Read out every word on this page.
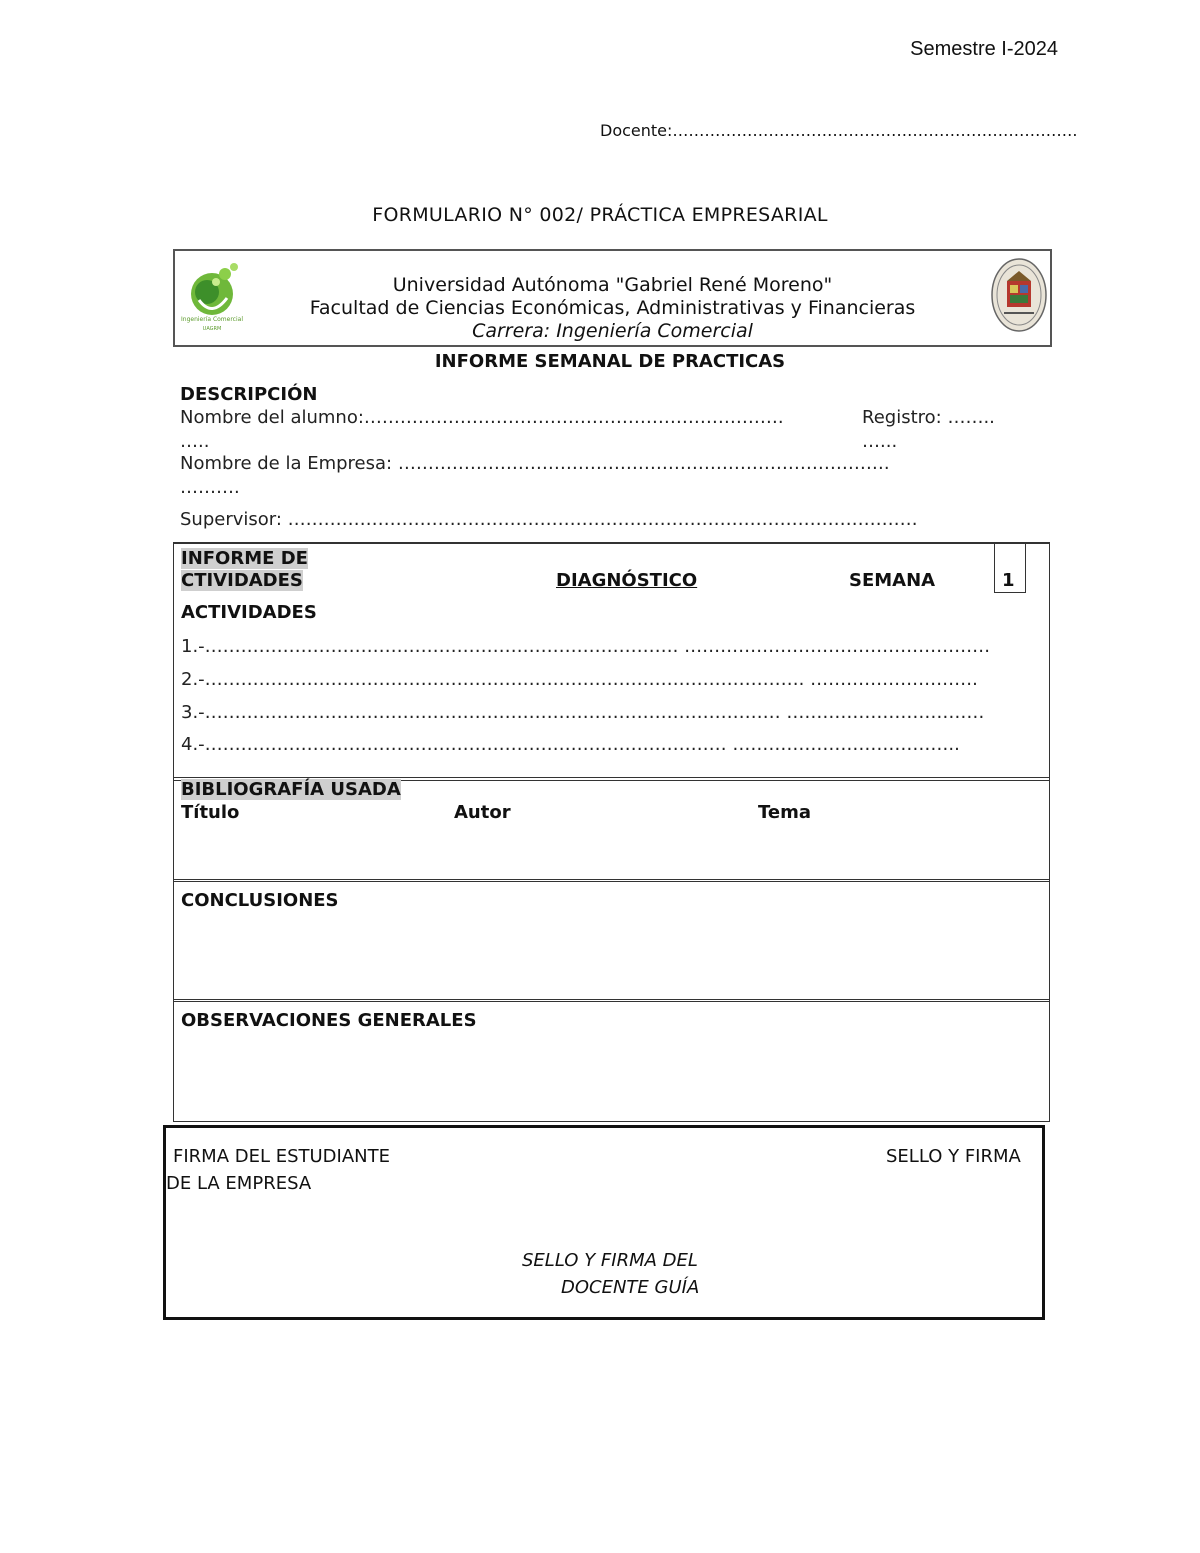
Semestre I-2024
Docente:………………………………………………………………….
FORMULARIO N° 002/ PRÁCTICA EMPRESARIAL
Ingeniería Comercial
UAGRM
Universidad Autónoma "Gabriel René Moreno"
Facultad de Ciencias Económicas, Administrativas y Financieras
Carrera: Ingeniería Comercial
INFORME SEMANAL DE PRACTICAS
DESCRIPCIÓN
Nombre del alumno:…………………………………………………………….
…..
Registro: ……..
…...
Nombre de la Empresa: ……………………………………………………………………….
……….
Supervisor: ……………………………………………………………………………………………
INFORME DE
CTIVIDADES	DIAGNÓSTICO	SEMANA	1
ACTIVIDADES
1.-……………………………………………………………………. ……………………………………………
2.-………………………………………………………………………………………. ……………………….
3.-…………………………………………………………………………………… ……………………………
4.-…………………………………………………………………………… ………………………………..
BIBLIOGRAFÍA USADA
Título	Autor	Tema
CONCLUSIONES
OBSERVACIONES GENERALES
FIRMA DEL ESTUDIANTE	SELLO Y FIRMA
DE LA EMPRESA
SELLO Y FIRMA DEL
DOCENTE GUÍA
